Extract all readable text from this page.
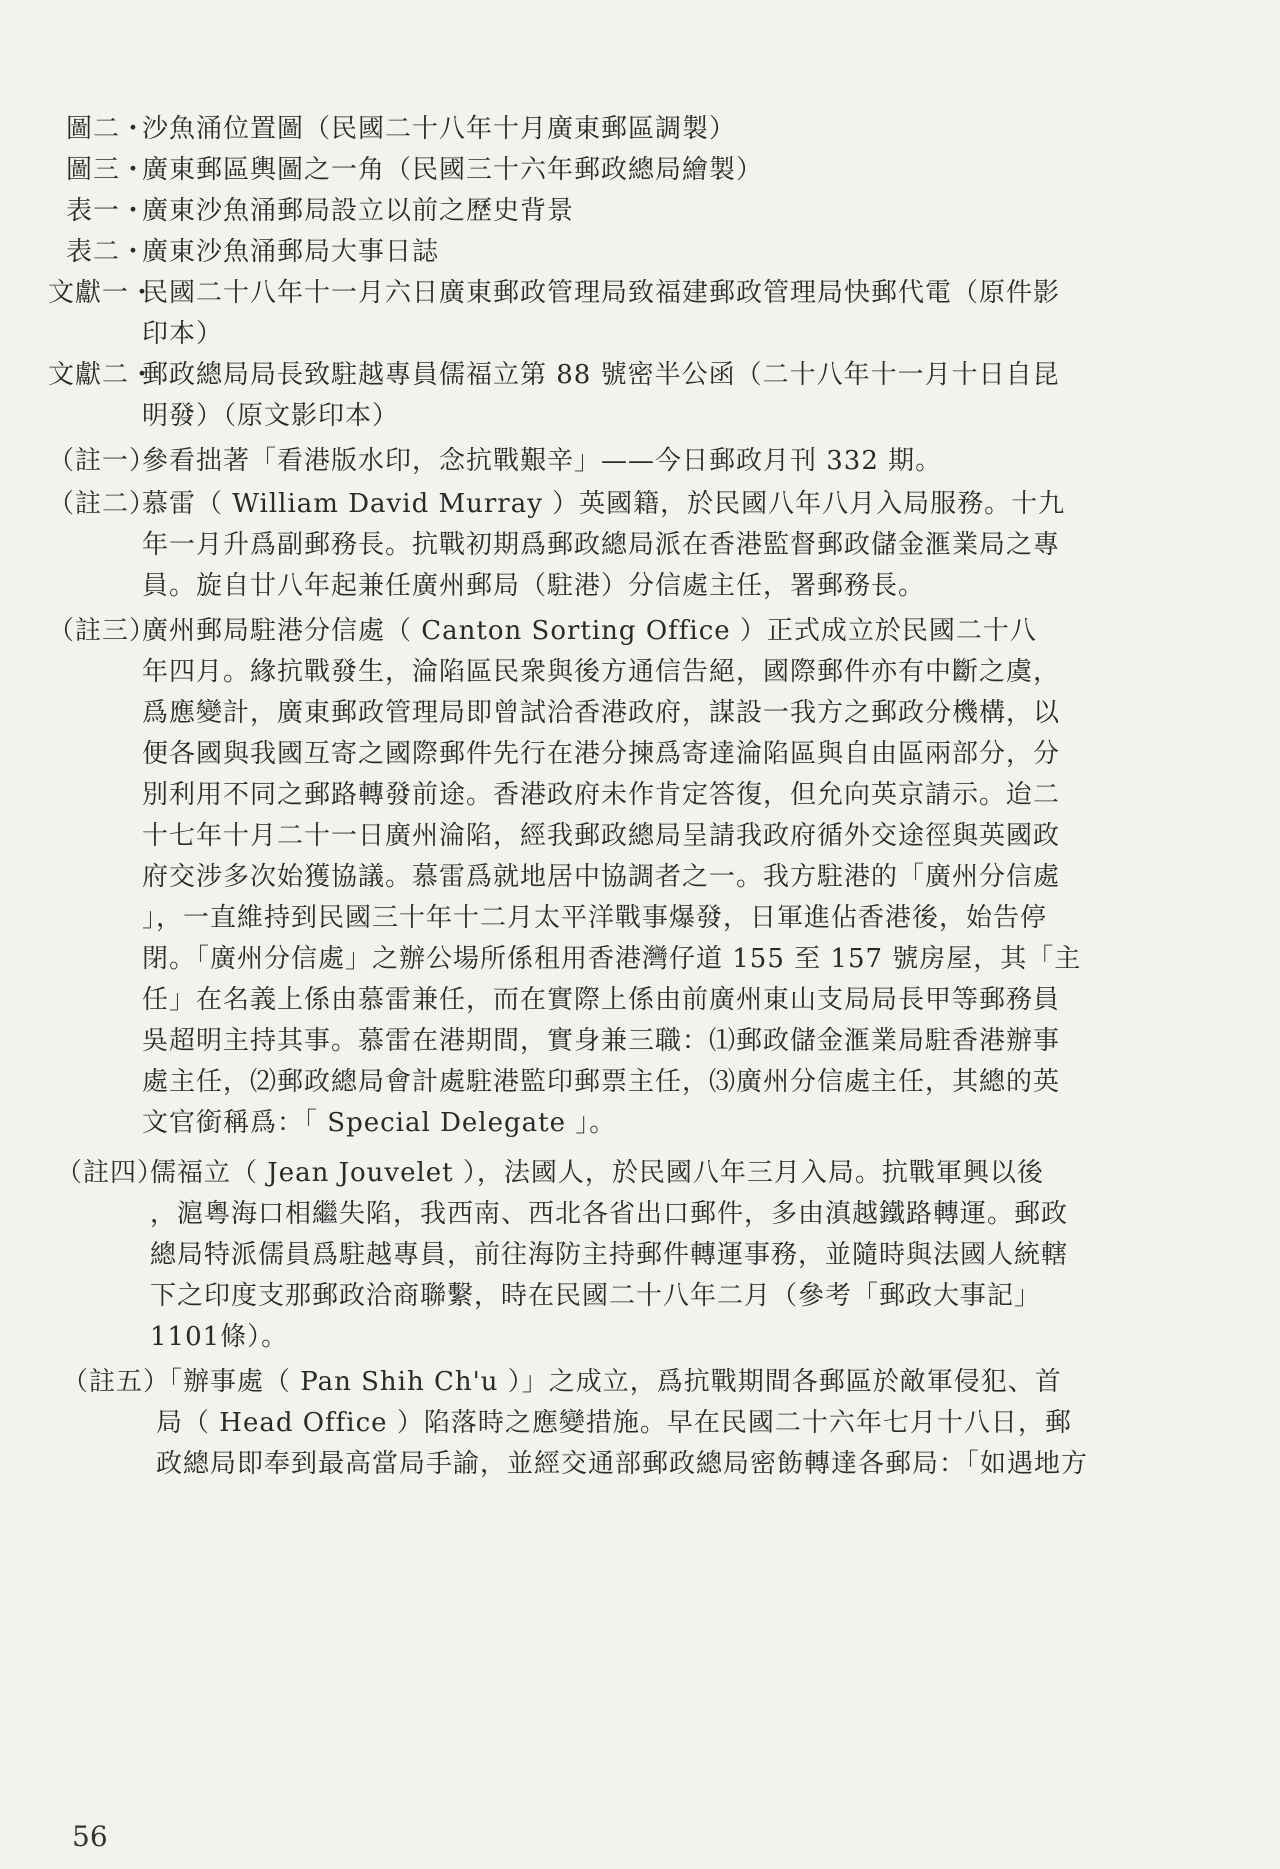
圖二・
沙魚涌位置圖（民國二十八年十月廣東郵區調製）
圖三・
廣東郵區輿圖之一角（民國三十六年郵政總局繪製）
表一・
廣東沙魚涌郵局設立以前之歷史背景
表二・
廣東沙魚涌郵局大事日誌
文獻一・
民國二十八年十一月六日廣東郵政管理局致福建郵政管理局快郵代電（原件影
印本）
文獻二・
郵政總局局長致駐越專員儒福立第 88 號密半公函（二十八年十一月十日自昆
明發）（原文影印本）
（註一）
參看拙著「看港版水印，念抗戰艱辛」——今日郵政月刊 332 期。
（註二）
慕雷（ William David Murray ）英國籍，於民國八年八月入局服務。十九
年一月升爲副郵務長。抗戰初期爲郵政總局派在香港監督郵政儲金滙業局之專
員。旋自廿八年起兼任廣州郵局（駐港）分信處主任，署郵務長。
（註三）
廣州郵局駐港分信處（ Canton Sorting Office ）正式成立於民國二十八
年四月。緣抗戰發生，淪陷區民衆與後方通信告絕，國際郵件亦有中斷之虞，
爲應變計，廣東郵政管理局即曾試洽香港政府，謀設一我方之郵政分機構，以
便各國與我國互寄之國際郵件先行在港分揀爲寄達淪陷區與自由區兩部分，分
別利用不同之郵路轉發前途。香港政府未作肯定答復，但允向英京請示。迨二
十七年十月二十一日廣州淪陷，經我郵政總局呈請我政府循外交途徑與英國政
府交涉多次始獲協議。慕雷爲就地居中協調者之一。我方駐港的「廣州分信處
」，一直維持到民國三十年十二月太平洋戰事爆發，日軍進佔香港後，始告停
閉。「廣州分信處」之辦公場所係租用香港灣仔道 155 至 157 號房屋，其「主
任」在名義上係由慕雷兼任，而在實際上係由前廣州東山支局局長甲等郵務員
吳超明主持其事。慕雷在港期間，實身兼三職：⑴郵政儲金滙業局駐香港辦事
處主任，⑵郵政總局會計處駐港監印郵票主任，⑶廣州分信處主任，其總的英
文官銜稱爲：「 Special Delegate 」。
（註四）
儒福立（ Jean Jouvelet ），法國人，於民國八年三月入局。抗戰軍興以後
，滬粵海口相繼失陷，我西南、西北各省出口郵件，多由滇越鐵路轉運。郵政
總局特派儒員爲駐越專員，前往海防主持郵件轉運事務，並隨時與法國人統轄
下之印度支那郵政洽商聯繫，時在民國二十八年二月（參考「郵政大事記」
1101條）。
（註五）
「辦事處（ Pan Shih Ch'u ）」之成立，爲抗戰期間各郵區於敵軍侵犯、首
局（ Head Office ）陷落時之應變措施。早在民國二十六年七月十八日，郵
政總局即奉到最高當局手諭，並經交通部郵政總局密飭轉達各郵局：「如遇地方
56
